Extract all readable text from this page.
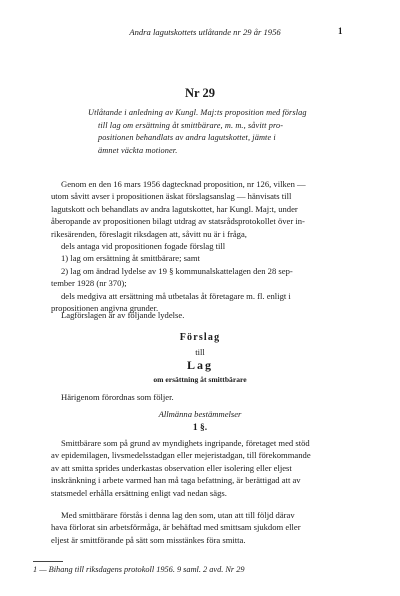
Andra lagutskottets utlåtande nr 29 år 1956	1
Nr 29
Utlåtande i anledning av Kungl. Maj:ts proposition med förslag
till lag om ersättning åt smittbärare, m. m., såvitt pro-
positionen behandlats av andra lagutskottet, jämte i
ämnet väckta motioner.
Genom en den 16 mars 1956 dagtecknad proposition, nr 126, vilken —
utom såvitt avser i propositionen äskat förslagsanslag — hänvisats till
lagutskott och behandlats av andra lagutskottet, har Kungl. Maj:t, under
åberopande av propositionen bilagt utdrag av statsrådsprotokollet över in-
rikesärenden, föreslagit riksdagen att, såvitt nu är i fråga,
dels antaga vid propositionen fogade förslag till
1) lag om ersättning åt smittbärare; samt
2) lag om ändrad lydelse av 19 § kommunalskattelagen den 28 sep-
tember 1928 (nr 370);
dels medgiva att ersättning må utbetalas åt företagare m. fl. enligt i
propositionen angivna grunder.
Lagförslagen är av följande lydelse.
Förslag
till
Lag
om ersättning åt smittbärare
Härigenom förordnas som följer.
Allmänna bestämmelser
1 §.
Smittbärare som på grund av myndighets ingripande, företaget med stöd
av epidemilagen, livsmedelsstadgan eller mejeristadgan, till förekommande
av att smitta sprides underkastas observation eller isolering eller eljest
inskränkning i arbete varmed han må taga befattning, är berättigad att av
statsmedel erhålla ersättning enligt vad nedan sägs.
Med smittbärare förstås i denna lag den som, utan att till följd därav
hava förlorat sin arbetsförmåga, är behäftad med smittsam sjukdom eller
eljest är smittförande på sätt som misstänkes föra smitta.
1 — Bihang till riksdagens protokoll 1956. 9 saml. 2 avd. Nr 29
